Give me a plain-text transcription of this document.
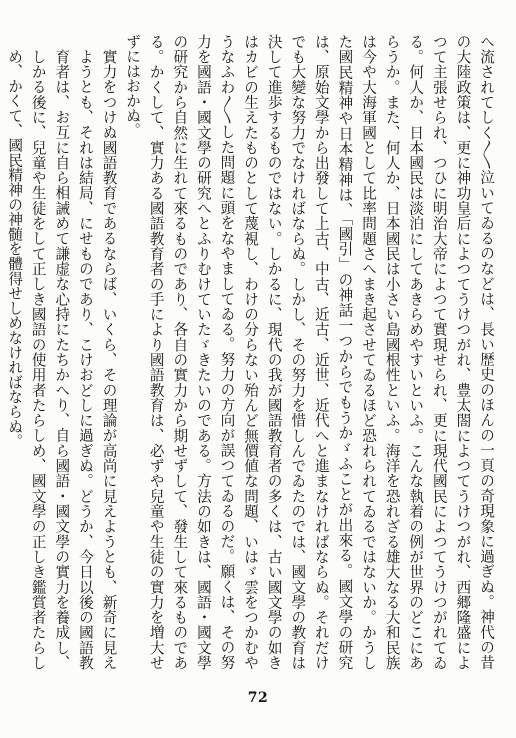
へ流されてしく〳〵泣いてゐるのなどは、長い歴史のほんの一頁の奇現象に過ぎぬ。神代の昔の大陸政策は、更に神功皇后によつてうけつがれ、豊太閤によつてうけつがれ、西郷隆盛によつて主張せられ、つひに明治大帝によつて實現せられ、更に現代國民によつてうけつがれてゐる。何人か、日本國民は淡泊にしてあきらめやすいといふ。こんな執着の例が世界のどこにあらうか。また、何人か、日本國民は小さい島國根性といふ。海洋を恐れざる雄大なる大和民族は今や大海軍國として比率問題さへまき起させてゐるほど恐れられてゐるではないか。かうした國民精神や日本精神は、「國引」の神話一つからでもうかゞふことが出來る。國文學の研究は、原始文學から出發して上古、中古、近古、近世、近代へと進まなければならぬ。それだけでも大變な努力でなければならぬ。しかし、その努力を惜しんでゐたのでは、國文學の教育は決して進歩するものではない。しかるに、現代の我が國語教育者の多くは、古い國文學の如きはカビの生えたものとして蔑視し、わけの分らない殆んど無價値な問題、いはゞ雲をつかむやうなふわ〳〵した問題に頭をなやましてゐる。努力の方向が誤つてゐるのだ。願くは、その努力を國語・國文學の研究へとふりむけていたゞきたいのである。方法の如きは、國語・國文學の研究から自然に生れて來るものであり、各自の實力から期せずして、發生して來るものである。かくして、實力ある國語教育者の手により國語教育は、必ずや兒童や生徒の實力を増大せずにはおかぬ。

實力をつけぬ國語教育であるならば、いくら、その理論が高尚に見えようとも、新奇に見えようとも、それは結局、にせものであり、こけおどしに過ぎぬ。どうか、今日以後の國語教育者は、お互に自ら相誡めて謙虚な心持にたちかへり、自ら國語・國文學の實力を養成し、しかる後に、兒童や生徒をして正しき國語の使用者たらしめ、國文學の正しき鑑賞者たらしめ、かくて、國民精神の神髄を體得せしめなければならぬ。

72
